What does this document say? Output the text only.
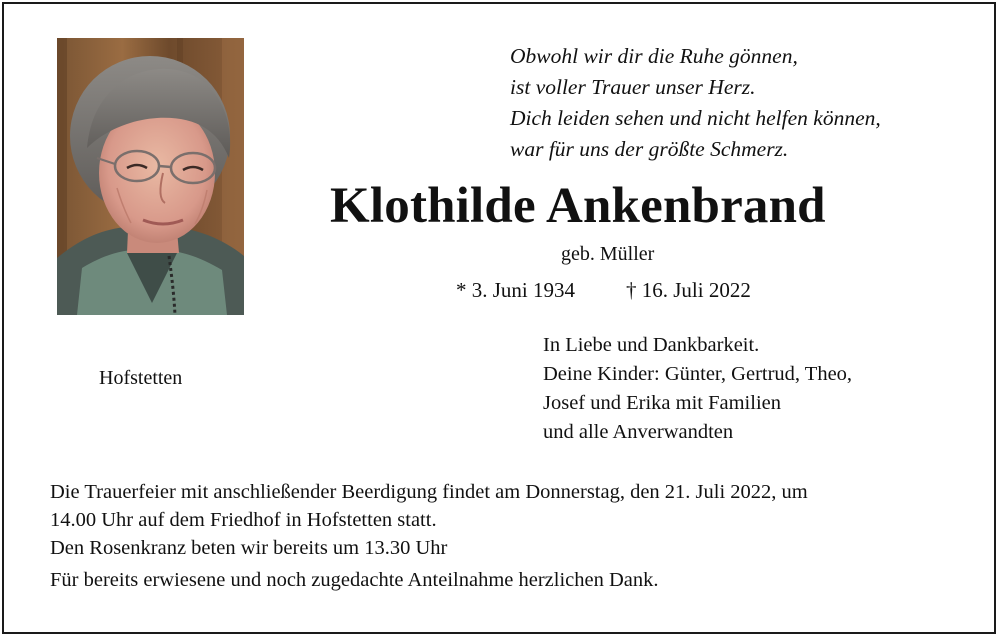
Obwohl wir dir die Ruhe gönnen,
ist voller Trauer unser Herz.
Dich leiden sehen und nicht helfen können,
war für uns der größte Schmerz.
Klothilde Ankenbrand
geb. Müller
* 3. Juni 1934 † 16. Juli 2022
Hofstetten
In Liebe und Dankbarkeit.
Deine Kinder: Günter, Gertrud, Theo,
Josef und Erika mit Familien
und alle Anverwandten
Die Trauerfeier mit anschließender Beerdigung findet am Donnerstag, den 21. Juli 2022, um
14.00 Uhr auf dem Friedhof in Hofstetten statt.
Den Rosenkranz beten wir bereits um 13.30 Uhr
Für bereits erwiesene und noch zugedachte Anteilnahme herzlichen Dank.
